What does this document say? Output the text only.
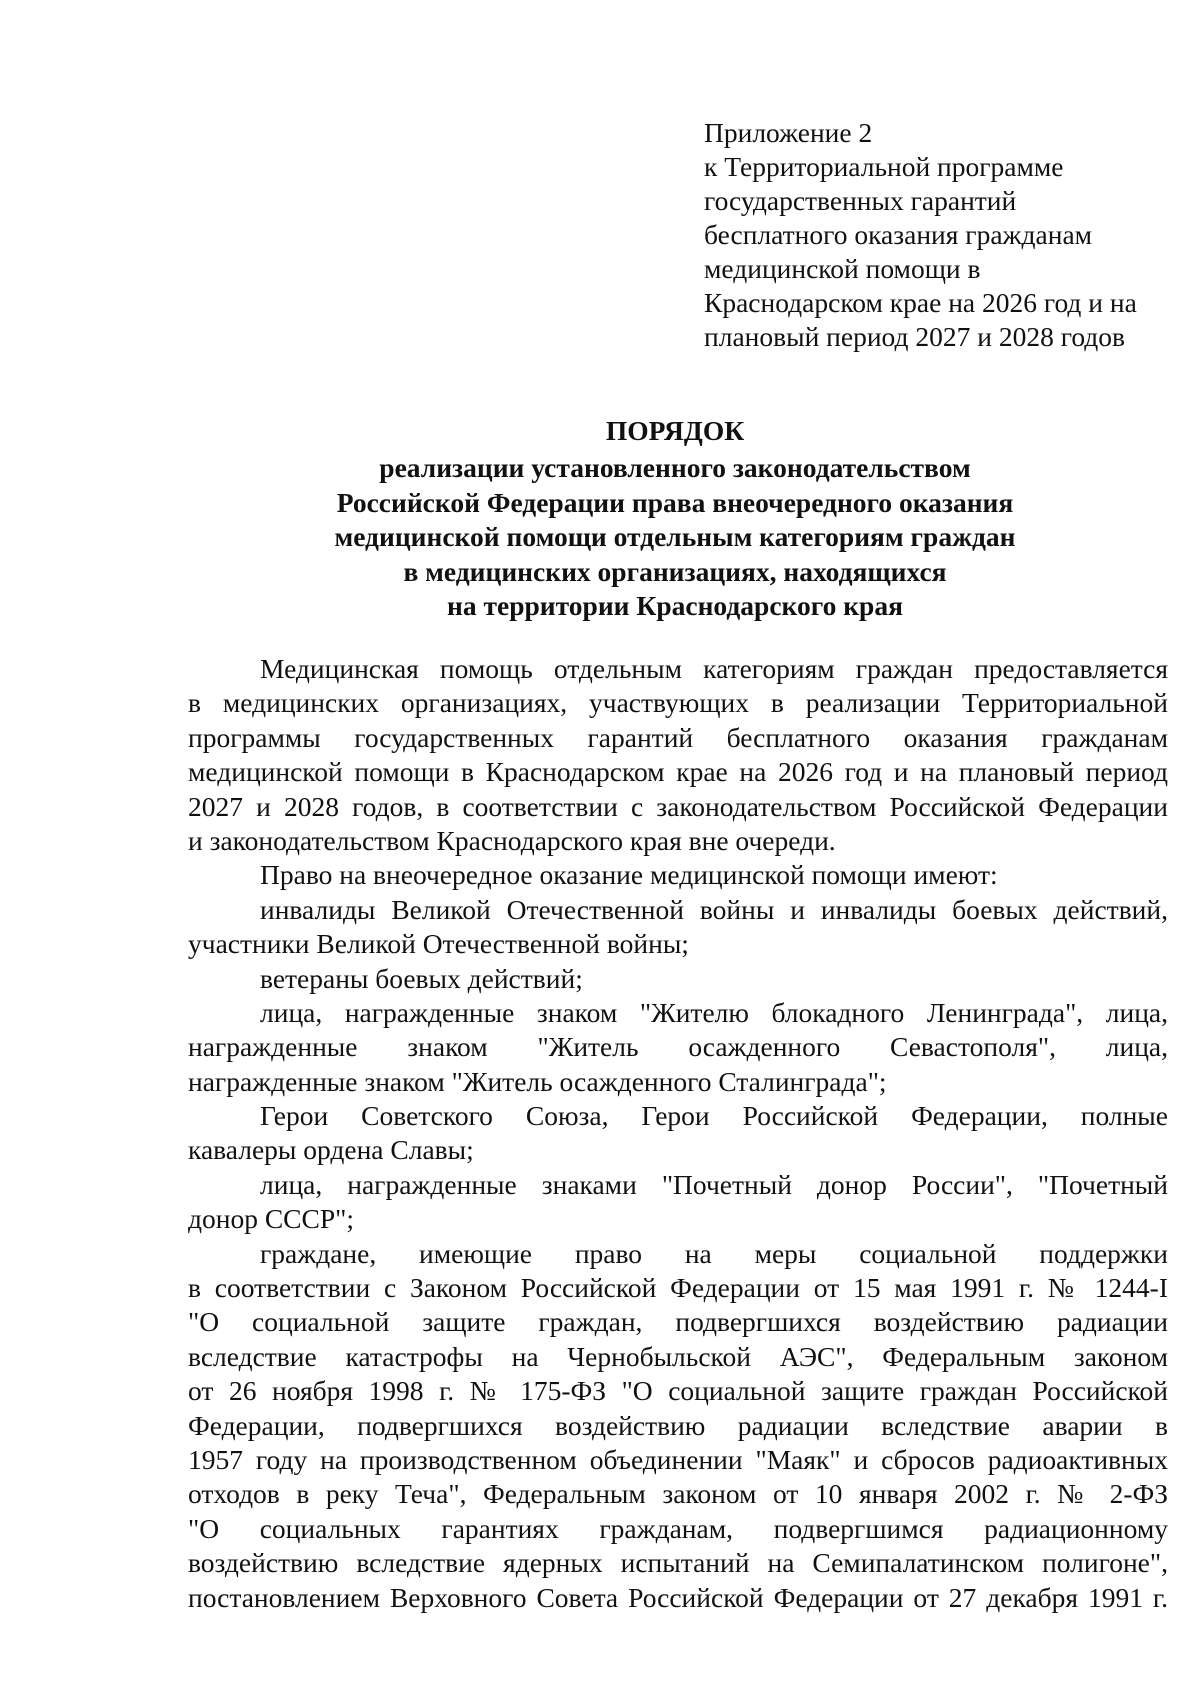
Приложение 2
к Территориальной программе
государственных гарантий
бесплатного оказания гражданам
медицинской помощи в
Краснодарском крае на 2026 год и на
плановый период 2027 и 2028 годов
ПОРЯДОК
реализации установленного законодательством
Российской Федерации права внеочередного оказания
медицинской помощи отдельным категориям граждан
в медицинских организациях, находящихся
на территории Краснодарского края
Медицинская помощь отдельным категориям граждан предоставляется
в медицинских организациях, участвующих в реализации Территориальной
программы государственных гарантий бесплатного оказания гражданам
медицинской помощи в Краснодарском крае на 2026 год и на плановый период
2027 и 2028 годов, в соответствии с законодательством Российской Федерации
и законодательством Краснодарского края вне очереди.
Право на внеочередное оказание медицинской помощи имеют:
инвалиды Великой Отечественной войны и инвалиды боевых действий,
участники Великой Отечественной войны;
ветераны боевых действий;
лица, награжденные знаком "Жителю блокадного Ленинграда", лица,
награжденные знаком "Житель осажденного Севастополя", лица,
награжденные знаком "Житель осажденного Сталинграда";
Герои Советского Союза, Герои Российской Федерации, полные
кавалеры ордена Славы;
лица, награжденные знаками "Почетный донор России", "Почетный
донор СССР";
граждане, имеющие право на меры социальной поддержки
в соответствии с Законом Российской Федерации от 15 мая 1991 г. № 1244-I
"О социальной защите граждан, подвергшихся воздействию радиации
вследствие катастрофы на Чернобыльской АЭС", Федеральным законом
от 26 ноября 1998 г. № 175-ФЗ "О социальной защите граждан Российской
Федерации, подвергшихся воздействию радиации вследствие аварии в
1957 году на производственном объединении "Маяк" и сбросов радиоактивных
отходов в реку Теча", Федеральным законом от 10 января 2002 г. № 2-ФЗ
"О социальных гарантиях гражданам, подвергшимся радиационному
воздействию вследствие ядерных испытаний на Семипалатинском полигоне",
постановлением Верховного Совета Российской Федерации от 27 декабря 1991 г.
